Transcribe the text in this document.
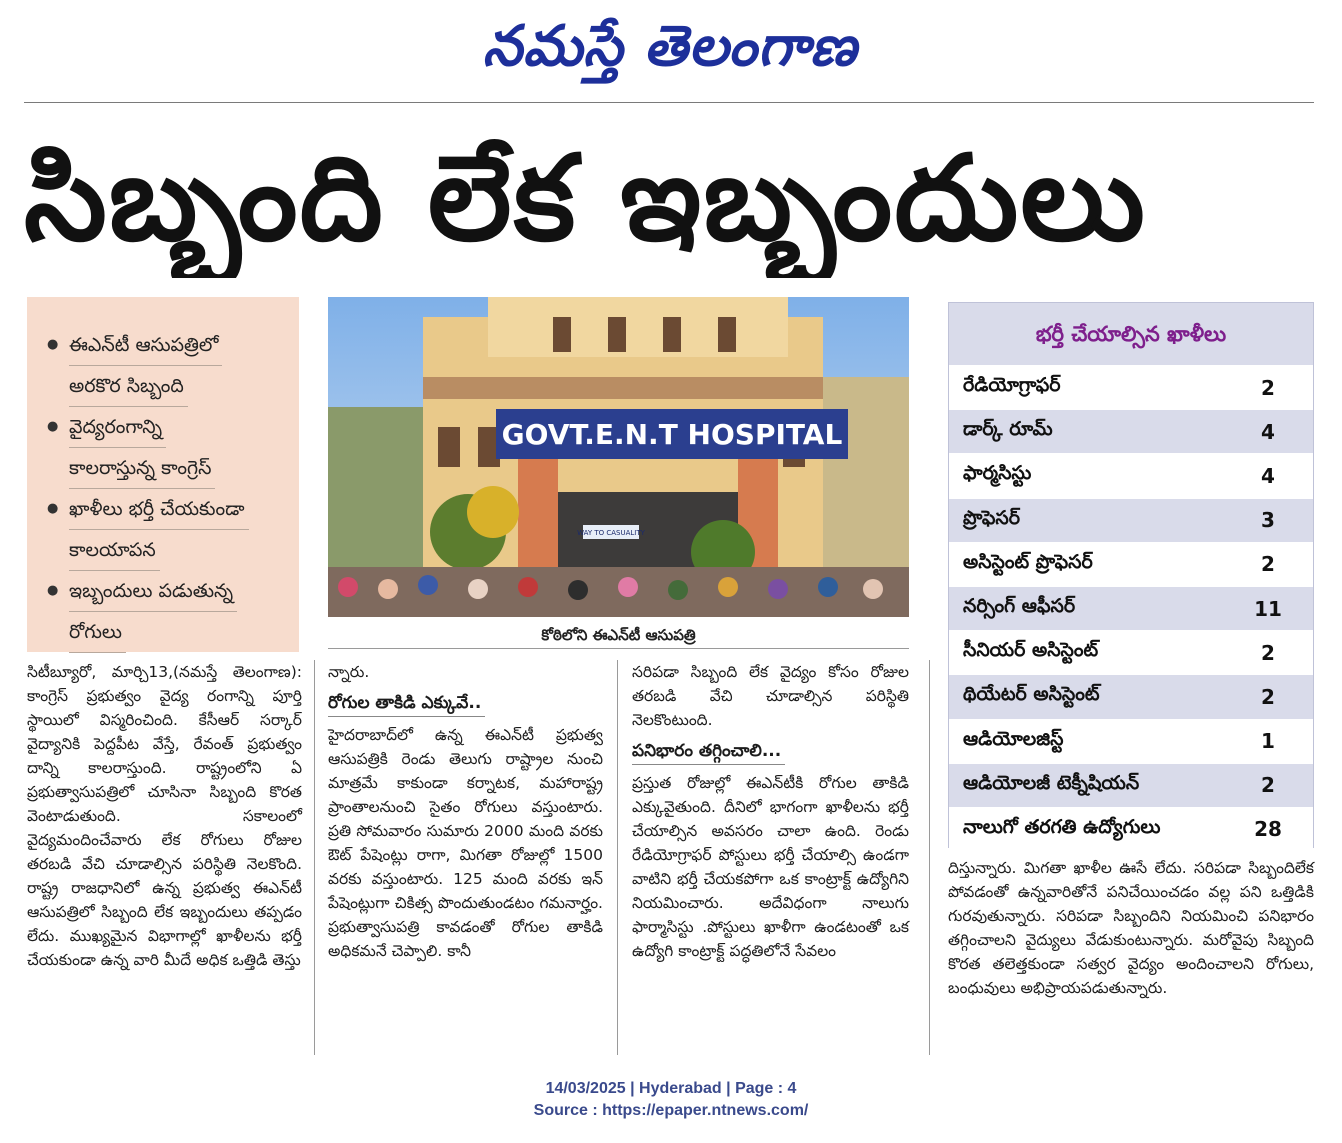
నమస్తే తెలంగాణ
సిబ్బంది లేక ఇబ్బందులు
● ఈఎన్‌టీ ఆసుపత్రిలో
అరకొర సిబ్బంది
● వైద్యరంగాన్ని
కాలరాస్తున్న కాంగ్రెస్
● ఖాళీలు భర్తీ చేయకుండా
కాలయాపన
● ఇబ్బందులు పడుతున్న
రోగులు
GOVT.E.N.T HOSPITAL
WAY TO CASUALITY
కోఠిలోని ఈఎన్‌టీ ఆసుపత్రి
భర్తీ చేయాల్సిన ఖాళీలు
రేడియోగ్రాఫర్	2
డార్క్ రూమ్	4
ఫార్మసిస్టు	4
ప్రొఫెసర్	3
అసిస్టెంట్ ప్రొఫెసర్	2
నర్సింగ్ ఆఫీసర్	11
సీనియర్ అసిస్టెంట్	2
థియేటర్ అసిస్టెంట్	2
ఆడియోలజిస్ట్	1
ఆడియోలజీ టెక్నీషియన్	2
నాలుగో తరగతి ఉద్యోగులు	28

సిటీబ్యూరో, మార్చి13,(నమస్తే తెలంగాణ): కాంగ్రెస్ ప్రభుత్వం వైద్య రంగాన్ని పూర్తి స్థాయిలో విస్మరించింది. కేసీఆర్ సర్కార్ వైద్యానికి పెద్దపీట వేస్తే, రేవంత్ ప్రభుత్వం దాన్ని కాలరాస్తుంది. రాష్ట్రంలోని ఏ ప్రభుత్వాసుపత్రిలో చూసినా సిబ్బంది కొరత వెంటాడుతుంది. సకాలంలో వైద్యమందించేవారు లేక రోగులు రోజుల తరబడి వేచి చూడాల్సిన పరిస్థితి నెలకొంది. రాష్ట్ర రాజధానిలో ఉన్న ప్రభుత్వ ఈఎన్‌టీ ఆసుపత్రిలో సిబ్బంది లేక ఇబ్బందులు తప్పడం లేదు. ముఖ్యమైన విభాగాల్లో ఖాళీలను భర్తీ చేయకుండా ఉన్న వారి మీదే అధిక ఒత్తిడి తెస్తు

న్నారు.

రోగుల తాకిడి ఎక్కువే..

హైదరాబాద్‌లో ఉన్న ఈఎన్‌టీ ప్రభుత్వ ఆసుపత్రికి రెండు తెలుగు రాష్ట్రాల నుంచి మాత్రమే కాకుండా కర్నాటక, మహారాష్ట్ర ప్రాంతాలనుంచి సైతం రోగులు వస్తుంటారు. ప్రతి సోమవారం సుమారు 2000 మంది వరకు ఔట్ పేషెంట్లు రాగా, మిగతా రోజుల్లో 1500 వరకు వస్తుంటారు. 125 మంది వరకు ఇన్ పేషెంట్లుగా చికిత్స పొందుతుండటం గమనార్హం. ప్రభుత్వాసుపత్రి కావడంతో రోగుల తాకిడి అధికమనే చెప్పాలి. కానీ

సరిపడా సిబ్బంది లేక వైద్యం కోసం రోజుల తరబడి వేచి చూడాల్సిన పరిస్థితి నెలకొంటుంది.

పనిభారం తగ్గించాలి...

ప్రస్తుత రోజుల్లో ఈఎన్‌టీకి రోగుల తాకిడి ఎక్కువైతుంది. దీనిలో భాగంగా ఖాళీలను భర్తీ చేయాల్సిన అవసరం చాలా ఉంది. రెండు రేడియోగ్రాఫర్ పోస్టులు భర్తీ చేయాల్సి ఉండగా వాటిని భర్తీ చేయకపోగా ఒక కాంట్రాక్ట్ ఉద్యోగిని నియమించారు. అదేవిధంగా నాలుగు ఫార్మాసిస్టు .పోస్టులు ఖాళీగా ఉండటంతో ఒక ఉద్యోగి కాంట్రాక్ట్ పద్ధతిలోనే సేవలం

దిస్తున్నారు. మిగతా ఖాళీల ఊసే లేదు. సరిపడా సిబ్బందిలేక పోవడంతో ఉన్నవారితోనే పనిచేయించడం వల్ల పని ఒత్తిడికి గురవుతున్నారు. సరిపడా సిబ్బందిని నియమించి పనిభారం తగ్గించాలని వైద్యులు వేడుకుంటున్నారు. మరోవైపు సిబ్బంది కొరత తలెత్తకుండా సత్వర వైద్యం అందించాలని రోగులు, బంధువులు అభిప్రాయపడుతున్నారు.

14/03/2025 | Hyderabad | Page : 4
Source : https://epaper.ntnews.com/
